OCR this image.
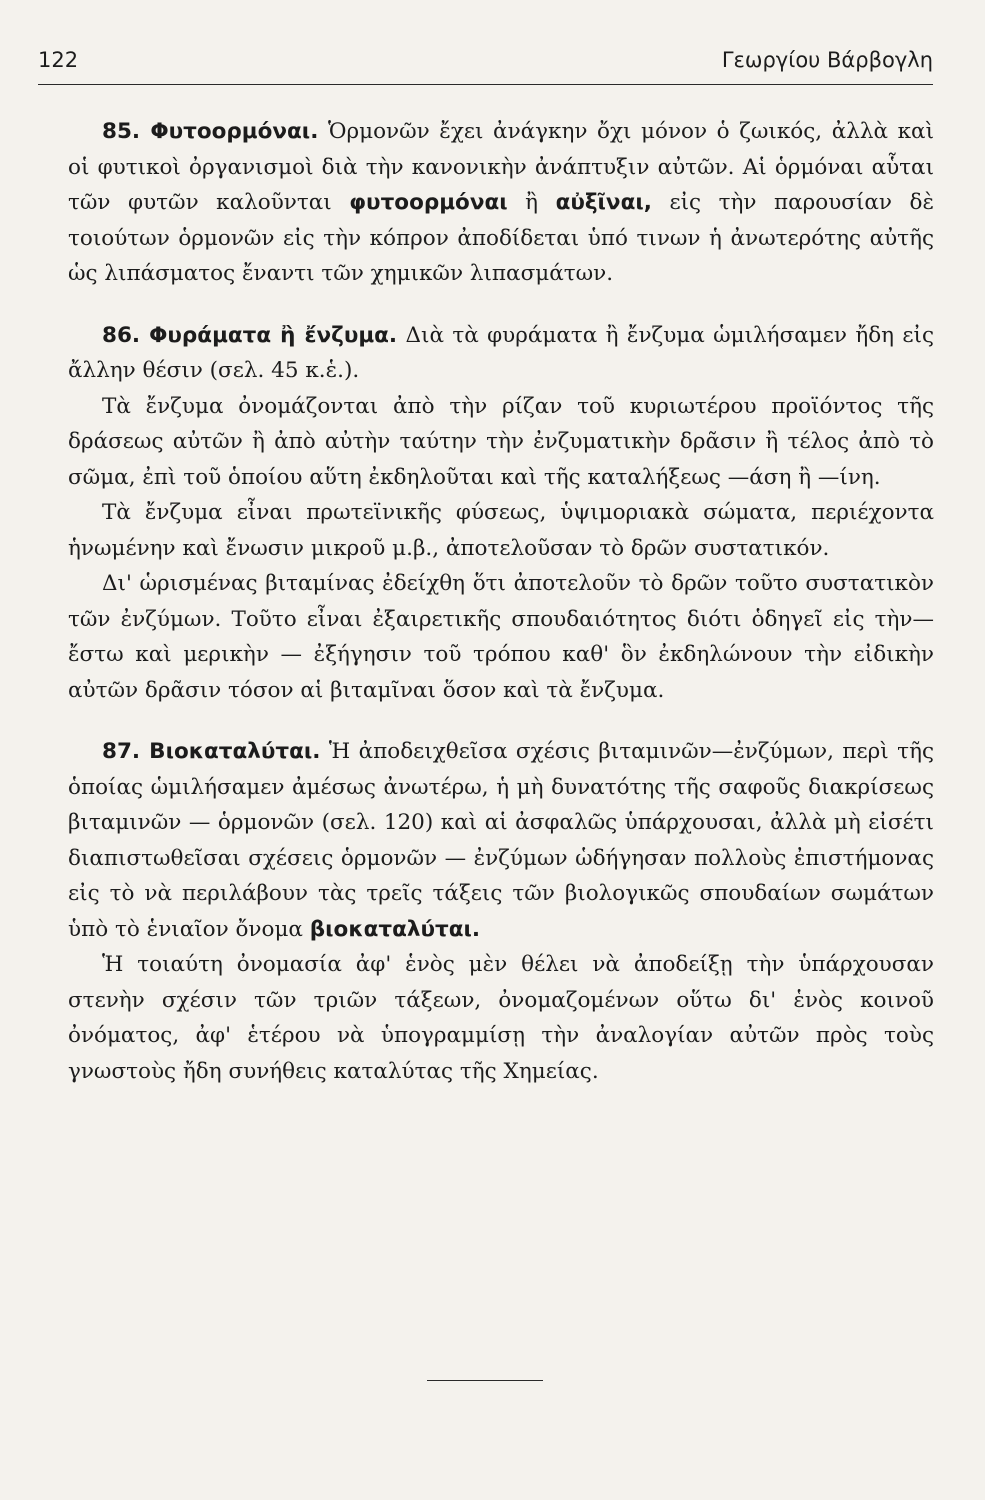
122	Γεωργίου Βάρβογλη

85. Φυτοορμόναι. Ὁρμονῶν ἔχει ἀνάγκην ὄχι μόνον ὁ ζωικός, ἀλλὰ καὶ οἱ φυτικοὶ ὀργανισμοὶ διὰ τὴν κανονικὴν ἀνάπτυξιν αὐτῶν. Αἱ ὁρμόναι αὗται τῶν φυτῶν καλοῦνται φυτοορμόναι ἢ αὐξῖναι, εἰς τὴν παρουσίαν δὲ τοιούτων ὁρμονῶν εἰς τὴν κόπρον ἀποδίδεται ὑπό τινων ἡ ἀνωτερότης αὐτῆς ὡς λιπάσματος ἔναντι τῶν χημικῶν λιπασμάτων.

86. Φυράματα ἢ ἔνζυμα. Διὰ τὰ φυράματα ἢ ἔνζυμα ὡμιλήσαμεν ἤδη εἰς ἄλλην θέσιν (σελ. 45 κ.ἑ.).

Τὰ ἔνζυμα ὀνομάζονται ἀπὸ τὴν ρίζαν τοῦ κυριωτέρου προϊόντος τῆς δράσεως αὐτῶν ἢ ἀπὸ αὐτὴν ταύτην τὴν ἐνζυματικὴν δρᾶσιν ἢ τέλος ἀπὸ τὸ σῶμα, ἐπὶ τοῦ ὁποίου αὕτη ἐκδηλοῦται καὶ τῆς καταλήξεως —άση ἢ —ίνη.

Τὰ ἔνζυμα εἶναι πρωτεϊνικῆς φύσεως, ὑψιμοριακὰ σώματα, περιέχοντα ἡνωμένην καὶ ἔνωσιν μικροῦ μ.β., ἀποτελοῦσαν τὸ δρῶν συστατικόν.

Δι' ὡρισμένας βιταμίνας ἐδείχθη ὅτι ἀποτελοῦν τὸ δρῶν τοῦτο συστατικὸν τῶν ἐνζύμων. Τοῦτο εἶναι ἐξαιρετικῆς σπουδαιότητος διότι ὁδηγεῖ εἰς τὴν— ἔστω καὶ μερικὴν — ἐξήγησιν τοῦ τρόπου καθ' ὃν ἐκδηλώνουν τὴν εἰδικὴν αὐτῶν δρᾶσιν τόσον αἱ βιταμῖναι ὅσον καὶ τὰ ἔνζυμα.

87. Βιοκαταλύται. Ἡ ἀποδειχθεῖσα σχέσις βιταμινῶν—ἐνζύμων, περὶ τῆς ὁποίας ὡμιλήσαμεν ἀμέσως ἀνωτέρω, ἡ μὴ δυνατότης τῆς σαφοῦς διακρίσεως βιταμινῶν — ὁρμονῶν (σελ. 120) καὶ αἱ ἀσφαλῶς ὑπάρχουσαι, ἀλλὰ μὴ εἰσέτι διαπιστωθεῖσαι σχέσεις ὁρμονῶν — ἐνζύμων ὡδήγησαν πολλοὺς ἐπιστήμονας εἰς τὸ νὰ περιλάβουν τὰς τρεῖς τάξεις τῶν βιολογικῶς σπουδαίων σωμάτων ὑπὸ τὸ ἑνιαῖον ὄνομα βιοκαταλύται.

Ἡ τοιαύτη ὀνομασία ἀφ' ἑνὸς μὲν θέλει νὰ ἀποδείξῃ τὴν ὑπάρχουσαν στενὴν σχέσιν τῶν τριῶν τάξεων, ὀνομαζομένων οὕτω δι' ἑνὸς κοινοῦ ὀνόματος, ἀφ' ἑτέρου νὰ ὑπογραμμίσῃ τὴν ἀναλογίαν αὐτῶν πρὸς τοὺς γνωστοὺς ἤδη συνήθεις καταλύτας τῆς Χημείας.
